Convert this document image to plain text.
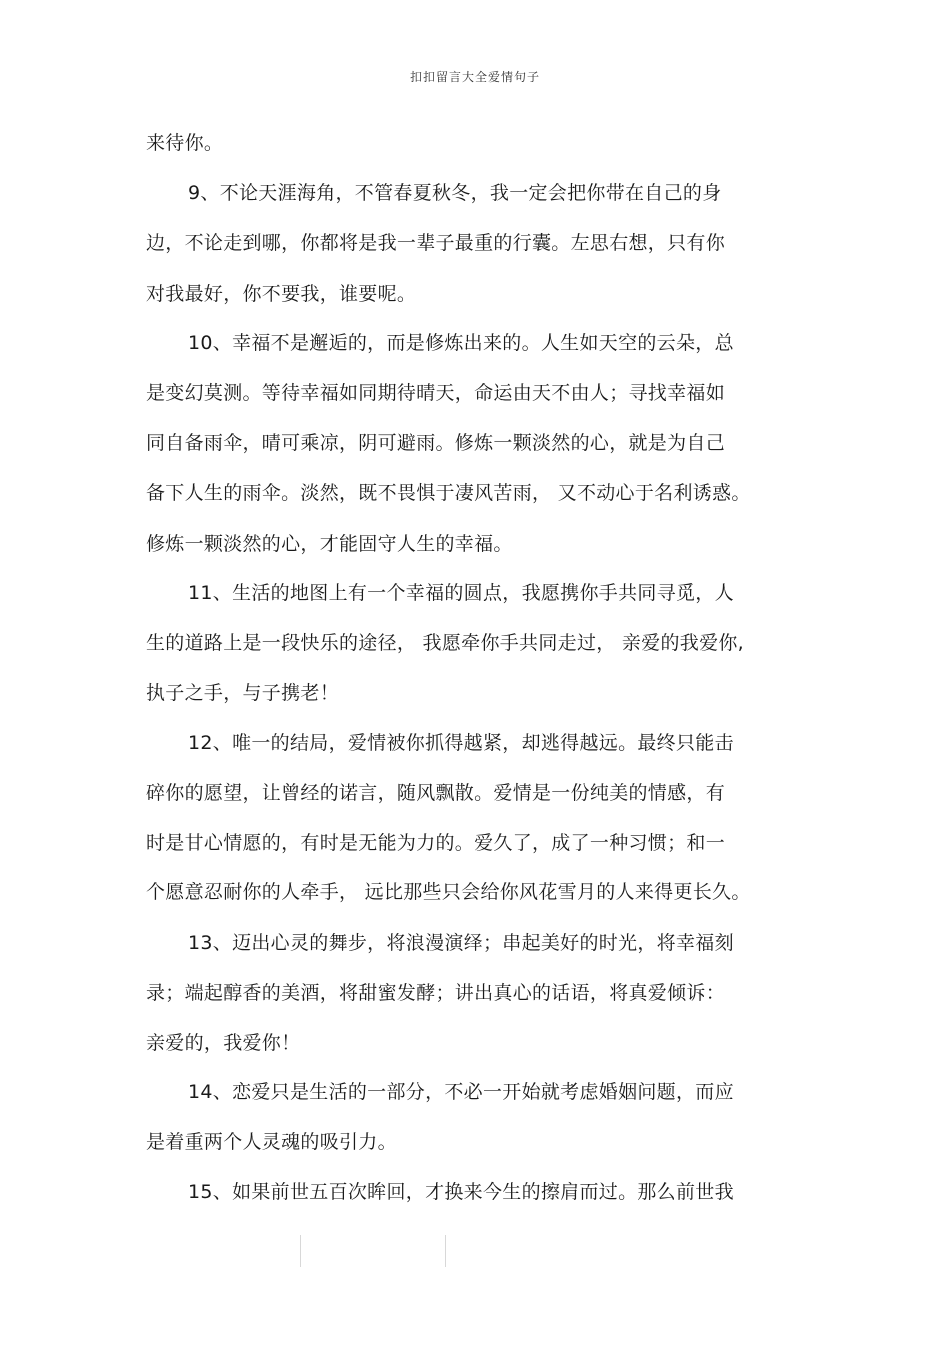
扣扣留言大全爱情句子
来待你。
9、不论天涯海角，不管春夏秋冬，我一定会把你带在自己的身
边，不论走到哪，你都将是我一辈子最重的行囊。左思右想，只有你
对我最好，你不要我，谁要呢。
10、幸福不是邂逅的，而是修炼出来的。人生如天空的云朵，总
是变幻莫测。等待幸福如同期待晴天，命运由天不由人；寻找幸福如
同自备雨伞，晴可乘凉，阴可避雨。修炼一颗淡然的心，就是为自己
备下人生的雨伞。淡然，既不畏惧于凄风苦雨， 又不动心于名利诱惑。
修炼一颗淡然的心，才能固守人生的幸福。
11、生活的地图上有一个幸福的圆点，我愿携你手共同寻觅，人
生的道路上是一段快乐的途径， 我愿牵你手共同走过， 亲爱的我爱你,
执子之手，与子携老！
12、唯一的结局，爱情被你抓得越紧，却逃得越远。最终只能击
碎你的愿望，让曾经的诺言，随风飘散。爱情是一份纯美的情感，有
时是甘心情愿的，有时是无能为力的。爱久了，成了一种习惯；和一
个愿意忍耐你的人牵手， 远比那些只会给你风花雪月的人来得更长久。
13、迈出心灵的舞步，将浪漫演绎；串起美好的时光，将幸福刻
录；端起醇香的美酒，将甜蜜发酵；讲出真心的话语，将真爱倾诉：
亲爱的，我爱你！
14、恋爱只是生活的一部分，不必一开始就考虑婚姻问题，而应
是着重两个人灵魂的吸引力。
15、如果前世五百次眸回，才换来今生的擦肩而过。那么前世我
